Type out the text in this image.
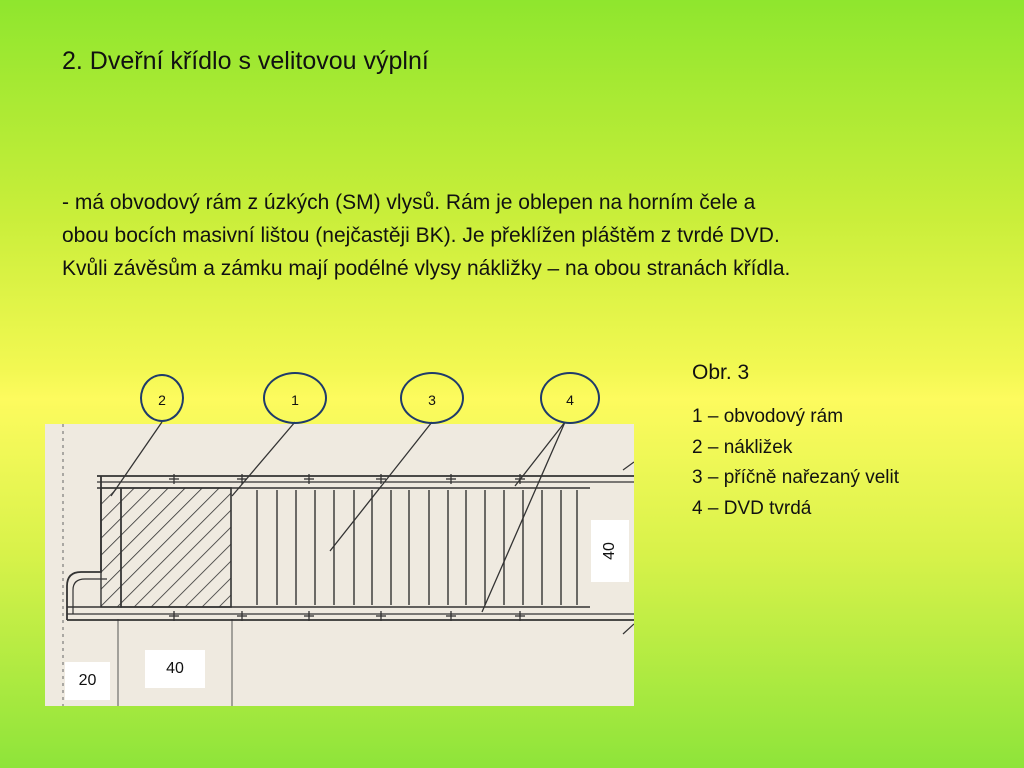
2. Dveřní křídlo s velitovou výplní
- má obvodový rám z úzkých (SM) vlysů. Rám je oblepen na horním čele a
obou bocích masivní lištou (nejčastěji BK). Je překlížen pláštěm z tvrdé DVD.
Kvůli závěsům a zámku mají podélné vlysy nákližky – na obou stranách křídla.
Obr. 3
1 – obvodový rám
2 – nákližek
3 – příčně nařezaný velit
4 – DVD tvrdá
40
20
40
2	1	3	4
